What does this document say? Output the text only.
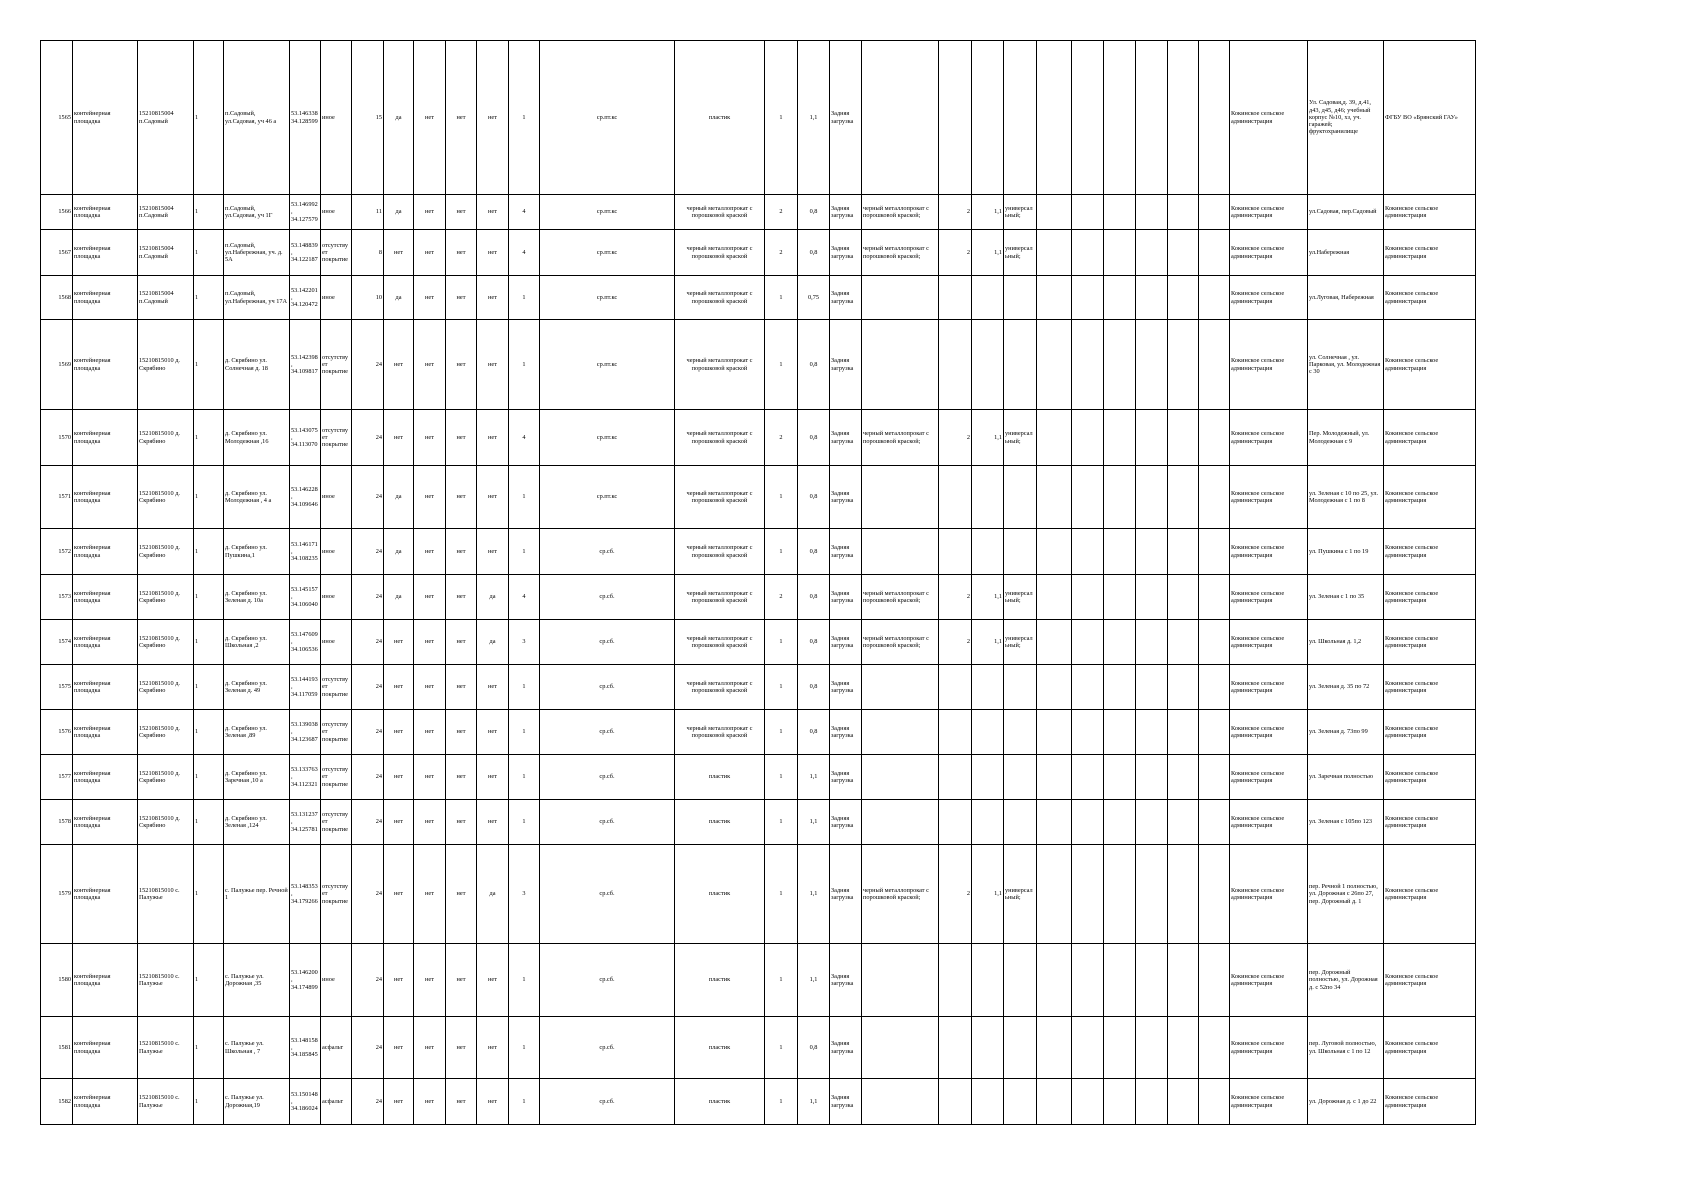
1565	контейнерная площадка	15210815004 п.Садовый	1	п.Садовый, ул.Садовая, уч 46 а	53.146338 34.128599	иное	15	да	нет	нет	нет	1	ср.пт.кс	пластик	1	1,1	Задняя загрузка											Кокинское сельское администрация	Ул. Садовая,д. 39, д.41, д43, д45, д46; учебный корпус №10, хз, уч. гаражей; фруктохранилище	ФГБУ ВО «Брянский ГАУ»
1566	контейнерная площадка	15210815004 п.Садовый	1	п.Садовый, ул.Садовая, уч 1Г	53.146992, 34.127579	иное	11	да	нет	нет	нет	4	ср.пт.кс	черный металлопрокат с порошковой краской	2	0,8	Задняя загрузка	черный металлопрокат с порошковой краской;	2	1,1	универсальный;							Кокинское сельское администрация	ул.Садовая, пер.Садовый	Кокинское сельское администрация
1567	контейнерная площадка	15210815004 п.Садовый	1	п.Садовый, ул.Набережная, уч. д. 5А	53.148839, 34.122187	отсутствует покрытие	8	нет	нет	нет	нет	4	ср.пт.кс	черный металлопрокат с порошковой краской	2	0,8	Задняя загрузка	черный металлопрокат с порошковой краской;	2	1,1	универсальный;							Кокинское сельское администрация	ул.Набережная	Кокинское сельское администрация
1568	контейнерная площадка	15210815004 п.Садовый	1	п.Садовый, ул.Набережная, уч 17А	53.142201, 34.120472	иное	10	да	нет	нет	нет	1	ср.пт.кс	черный металлопрокат с порошковой краской	1	0,75	Задняя загрузка											Кокинское сельское администрация	ул.Луговая, Набережная	Кокинское сельское администрация
1569	контейнерная площадка	15210815010 д. Скрябино	1	д. Скрябино ул. Солнечная д. 18	53.142398, 34.109817	отсутствует покрытие	24	нет	нет	нет	нет	1	ср.пт.кс	черный металлопрокат с порошковой краской	1	0,8	Задняя загрузка											Кокинское сельское администрация	ул. Солнечная , ул. Парковая, ул. Молодежная с 30	Кокинское сельское администрация
1570	контейнерная площадка	15210815010 д. Скрябино	1	д. Скрябино ул. Молодежная ,16	53.143075, 34.113070	отсутствует покрытие	24	нет	нет	нет	нет	4	ср.пт.кс	черный металлопрокат с порошковой краской	2	0,8	Задняя загрузка	черный металлопрокат с порошковой краской;	2	1,1	универсальный;							Кокинское сельское администрация	Пер. Молодежный, ул. Молодежная с 9	Кокинское сельское администрация
1571	контейнерная площадка	15210815010 д. Скрябино	1	д. Скрябино ул. Молодежная , 4 а	53.146228, 34.109646	иное	24	да	нет	нет	нет	1	ср.пт.кс	черный металлопрокат с порошковой краской	1	0,8	Задняя загрузка											Кокинское сельское администрация	ул. Зеленая с 10 по 25, ул. Молодежная с 1 по 8	Кокинское сельское администрация
1572	контейнерная площадка	15210815010 д. Скрябино	1	д. Скрябино ул. Пушкина,1	53.146171, 34.108235	иное	24	да	нет	нет	нет	1	ср.сб.	черный металлопрокат с порошковой краской	1	0,8	Задняя загрузка											Кокинское сельское администрация	ул. Пушкина с 1 по 19	Кокинское сельское администрация
1573	контейнерная площадка	15210815010 д. Скрябино	1	д. Скрябино ул. Зеленая д. 10а	53.145157, 34.106040	иное	24	да	нет	нет	да	4	ср.сб.	черный металлопрокат с порошковой краской	2	0,8	Задняя загрузка	черный металлопрокат с порошковой краской;	2	1,1	универсальный;							Кокинское сельское администрация	ул. Зеленая с 1 по 35	Кокинское сельское администрация
1574	контейнерная площадка	15210815010 д. Скрябино	1	д. Скрябино ул. Школьная ,2	53.147609, 34.106536	иное	24	нет	нет	нет	да	3	ср.сб.	черный металлопрокат с порошковой краской	1	0,8	Задняя загрузка	черный металлопрокат с порошковой краской;	2	1,1	универсальный;							Кокинское сельское администрация	ул. Школьная д. 1,2	Кокинское сельское администрация
1575	контейнерная площадка	15210815010 д. Скрябино	1	д. Скрябино ул. Зеленая д. 49	53.144193, 34.117059	отсутствует покрытие	24	нет	нет	нет	нет	1	ср.сб.	черный металлопрокат с порошковой краской	1	0,8	Задняя загрузка											Кокинское сельское администрация	ул. Зеленая д. 35 по 72	Кокинское сельское администрация
1576	контейнерная площадка	15210815010 д. Скрябино	1	д. Скрябино ул. Зеленая ,89	53.139038, 34.123687	отсутствует покрытие	24	нет	нет	нет	нет	1	ср.сб.	черный металлопрокат с порошковой краской	1	0,8	Задняя загрузка											Кокинское сельское администрация	ул. Зеленая д. 73по 99	Кокинское сельское администрация
1577	контейнерная площадка	15210815010 д. Скрябино	1	д. Скрябино ул. Заречная ,10 а	53.133763, 34.112321	отсутствует покрытие	24	нет	нет	нет	нет	1	ср.сб.	пластик	1	1,1	Задняя загрузка											Кокинское сельское администрация	ул. Заречная полностью	Кокинское сельское администрация
1578	контейнерная площадка	15210815010 д. Скрябино	1	д. Скрябино ул. Зеленая ,124	53.131237, 34.125781	отсутствует покрытие	24	нет	нет	нет	нет	1	ср.сб.	пластик	1	1,1	Задняя загрузка											Кокинское сельское администрация	ул. Зеленая с 105по 123	Кокинское сельское администрация
1579	контейнерная площадка	15210815010 с. Палужье	1	с. Палужье пер. Речной 1	53.148353, 34.179266	отсутствует покрытие	24	нет	нет	нет	да	3	ср.сб.	пластик	1	1,1	Задняя загрузка	черный металлопрокат с порошковой краской;	2	1,1	универсальный;							Кокинское сельское администрация	пер. Речной 1 полностью, ул. Дорожная с 26по 27, пер. Дорожный д. 1	Кокинское сельское администрация
1580	контейнерная площадка	15210815010 с. Палужье	1	с. Палужье ул. Дорожная ,35	53.146200, 34.174899	иное	24	нет	нет	нет	нет	1	ср.сб.	пластик	1	1,1	Задняя загрузка											Кокинское сельское администрация	пер. Дорожный полностью, ул. Дорожная д. с 52по 34	Кокинское сельское администрация
1581	контейнерная площадка	15210815010 с. Палужье	1	с. Палужье ул. Школьная , 7	53.148158, 34.185845	асфальт	24	нет	нет	нет	нет	1	ср.сб.	пластик	1	0,8	Задняя загрузка											Кокинское сельское администрация	пер. Луговой полностью, ул. Школьная с 1 по 12	Кокинское сельское администрация
1582	контейнерная площадка	15210815010 с. Палужье	1	с. Палужье ул. Дорожная,19	53.150148, 34.186024	асфальт	24	нет	нет	нет	нет	1	ср.сб.	пластик	1	1,1	Задняя загрузка											Кокинское сельское администрация	ул. Дорожная д. с 1 до 22	Кокинское сельское администрация
